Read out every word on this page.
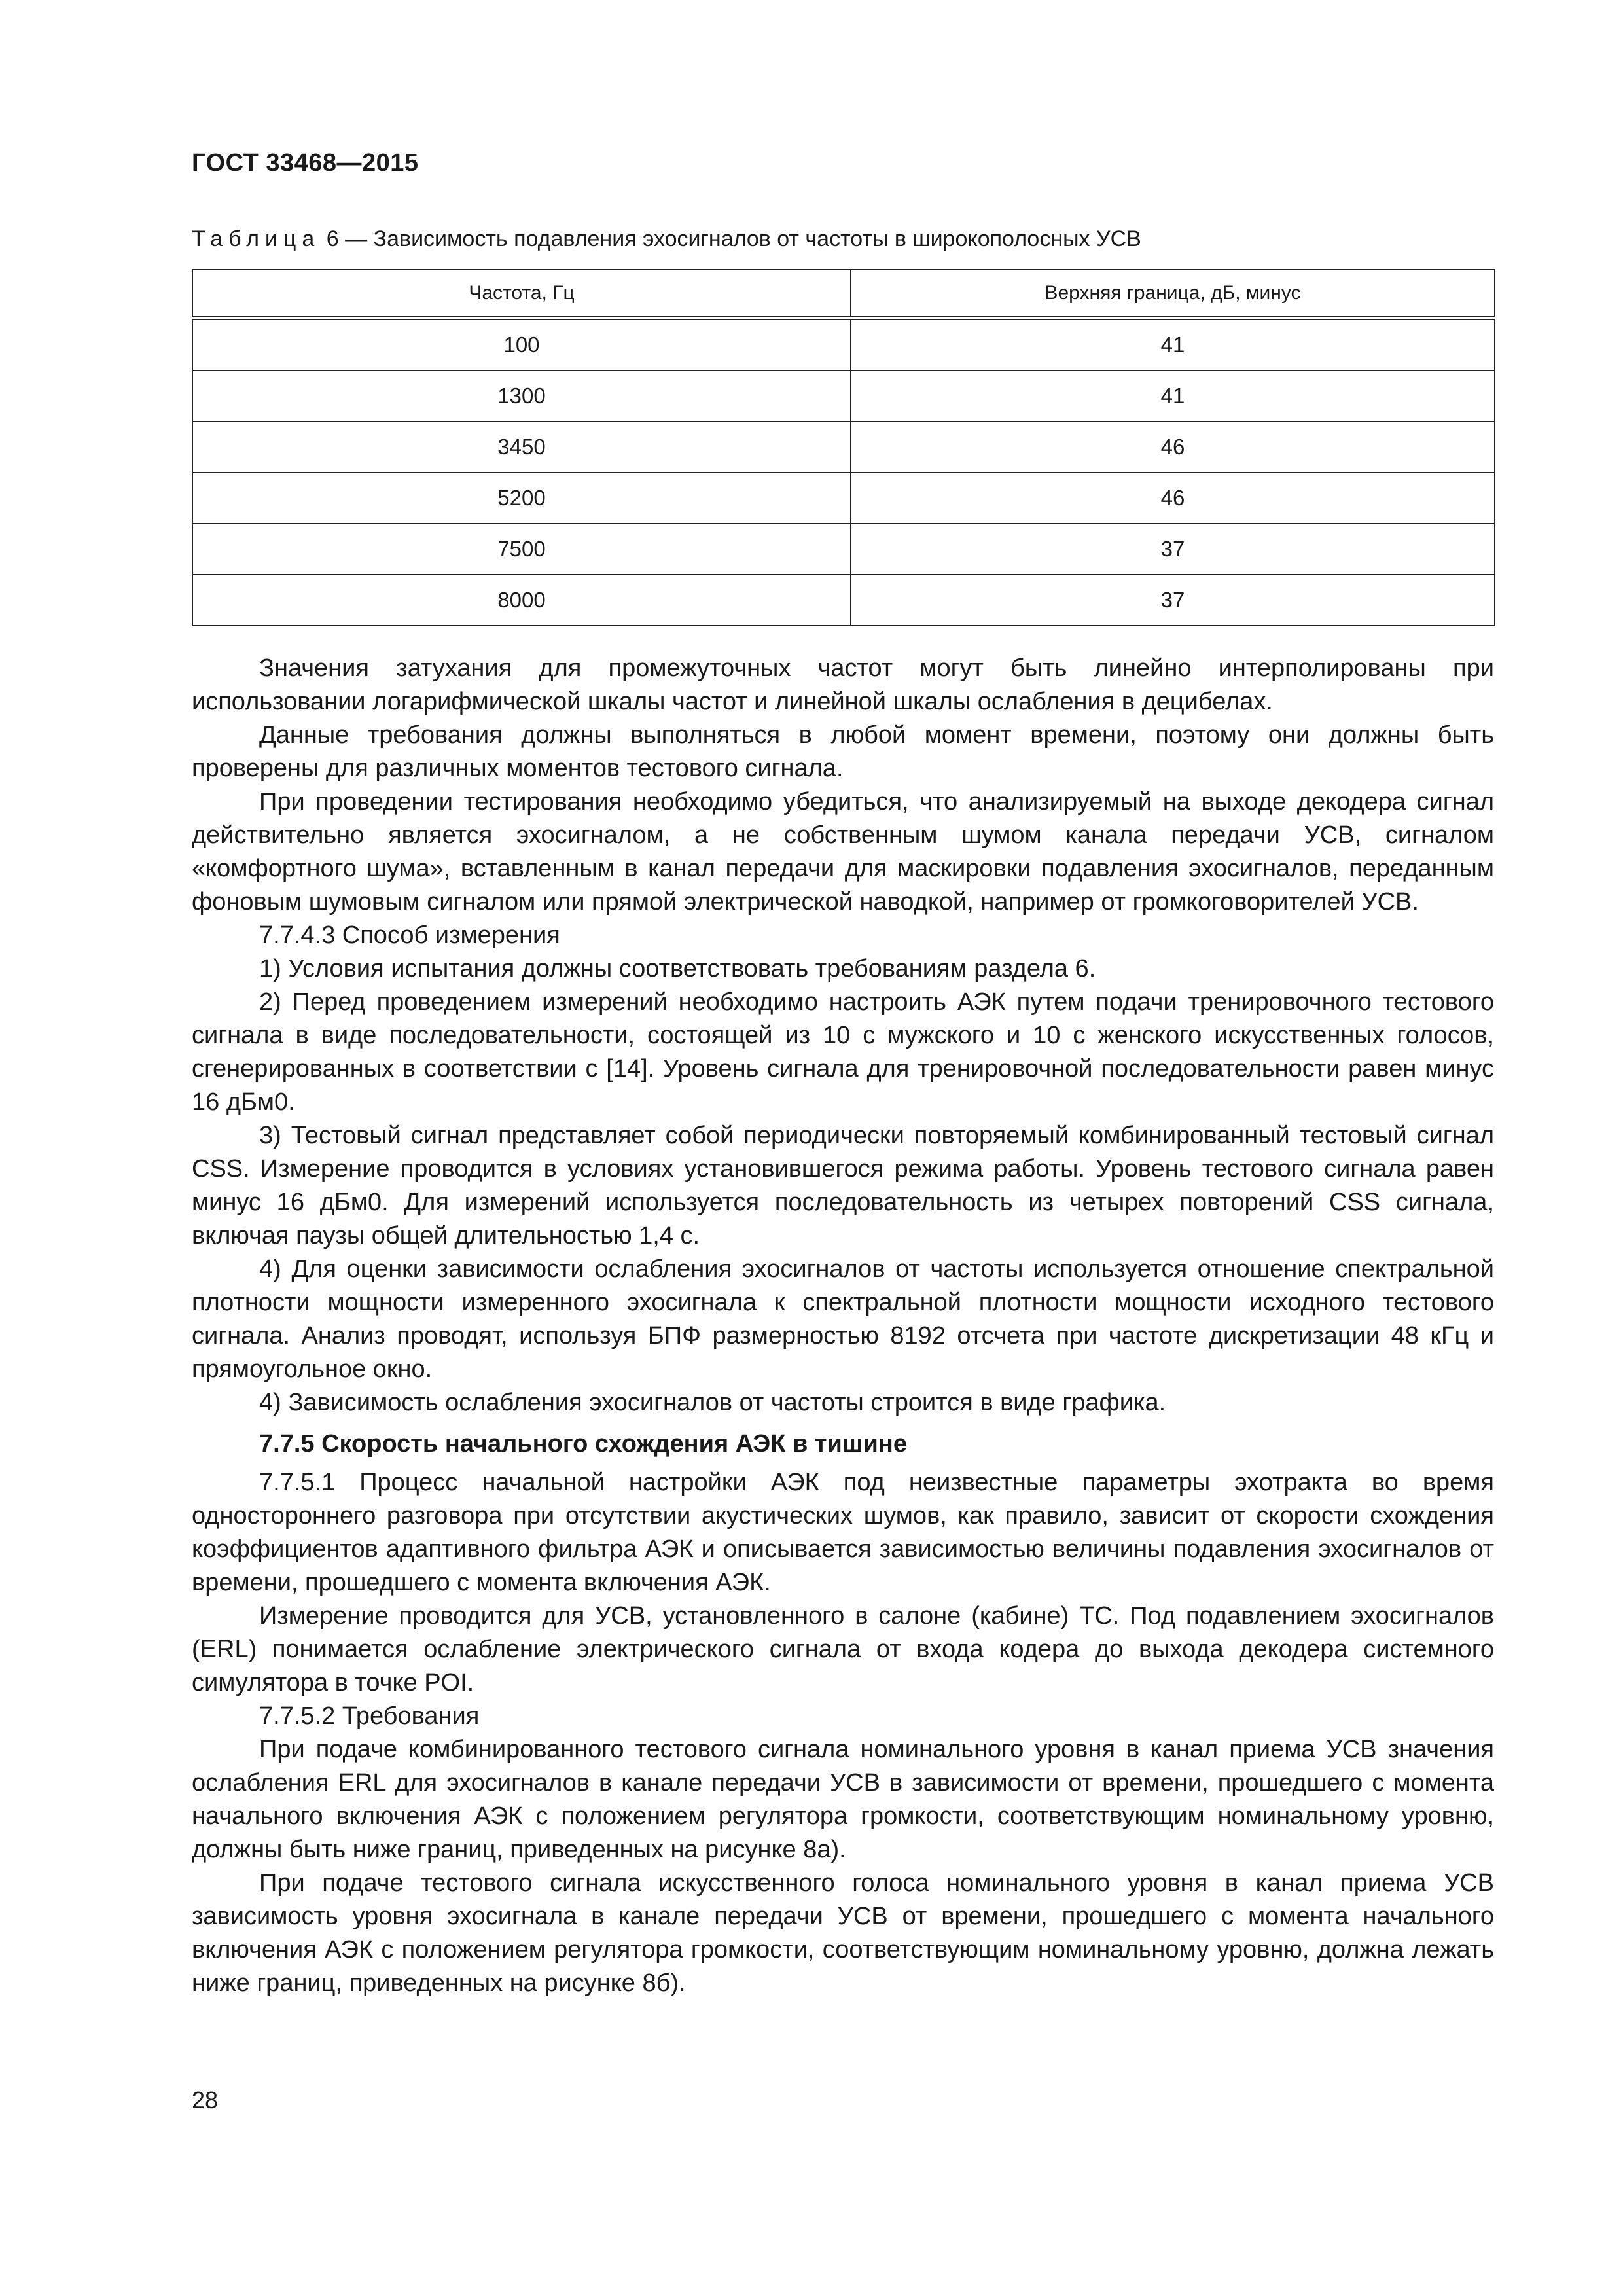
ГОСТ 33468—2015
Таблица 6 — Зависимость подавления эхосигналов от частоты в широкополосных УСВ
Частота, Гц	Верхняя граница, дБ, минус
100	41
1300	41
3450	46
5200	46
7500	37
8000	37

Значения затухания для промежуточных частот могут быть линейно интерполированы при использовании логарифмической шкалы частот и линейной шкалы ослабления в децибелах.

Данные требования должны выполняться в любой момент времени, поэтому они должны быть проверены для различных моментов тестового сигнала.

При проведении тестирования необходимо убедиться, что анализируемый на выходе декодера сигнал действительно является эхосигналом, а не собственным шумом канала передачи УСВ, сигналом «комфортного шума», вставленным в канал передачи для маскировки подавления эхосигналов, переданным фоновым шумовым сигналом или прямой электрической наводкой, например от громкоговорителей УСВ.

7.7.4.3 Способ измерения

1) Условия испытания должны соответствовать требованиям раздела 6.

2) Перед проведением измерений необходимо настроить АЭК путем подачи тренировочного тестового сигнала в виде последовательности, состоящей из 10 с мужского и 10 с женского искусственных голосов, сгенерированных в соответствии с [14]. Уровень сигнала для тренировочной последовательности равен минус 16 дБм0.

3) Тестовый сигнал представляет собой периодически повторяемый комбинированный тестовый сигнал CSS. Измерение проводится в условиях установившегося режима работы. Уровень тестового сигнала равен минус 16 дБм0. Для измерений используется последовательность из четырех повторений CSS сигнала, включая паузы общей длительностью 1,4 с.

4) Для оценки зависимости ослабления эхосигналов от частоты используется отношение спектральной плотности мощности измеренного эхосигнала к спектральной плотности мощности исходного тестового сигнала. Анализ проводят, используя БПФ размерностью 8192 отсчета при частоте дискретизации 48 кГц и прямоугольное окно.

4) Зависимость ослабления эхосигналов от частоты строится в виде графика.

7.7.5 Скорость начального схождения АЭК в тишине

7.7.5.1 Процесс начальной настройки АЭК под неизвестные параметры эхотракта во время одностороннего разговора при отсутствии акустических шумов, как правило, зависит от скорости схождения коэффициентов адаптивного фильтра АЭК и описывается зависимостью величины подавления эхосигналов от времени, прошедшего с момента включения АЭК.

Измерение проводится для УСВ, установленного в салоне (кабине) ТС. Под подавлением эхосигналов (ERL) понимается ослабление электрического сигнала от входа кодера до выхода декодера системного симулятора в точке POI.

7.7.5.2 Требования

При подаче комбинированного тестового сигнала номинального уровня в канал приема УСВ значения ослабления ERL для эхосигналов в канале передачи УСВ в зависимости от времени, прошедшего с момента начального включения АЭК с положением регулятора громкости, соответствующим номинальному уровню, должны быть ниже границ, приведенных на рисунке 8а).

При подаче тестового сигнала искусственного голоса номинального уровня в канал приема УСВ зависимость уровня эхосигнала в канале передачи УСВ от времени, прошедшего с момента начального включения АЭК с положением регулятора громкости, соответствующим номинальному уровню, должна лежать ниже границ, приведенных на рисунке 8б).

28
